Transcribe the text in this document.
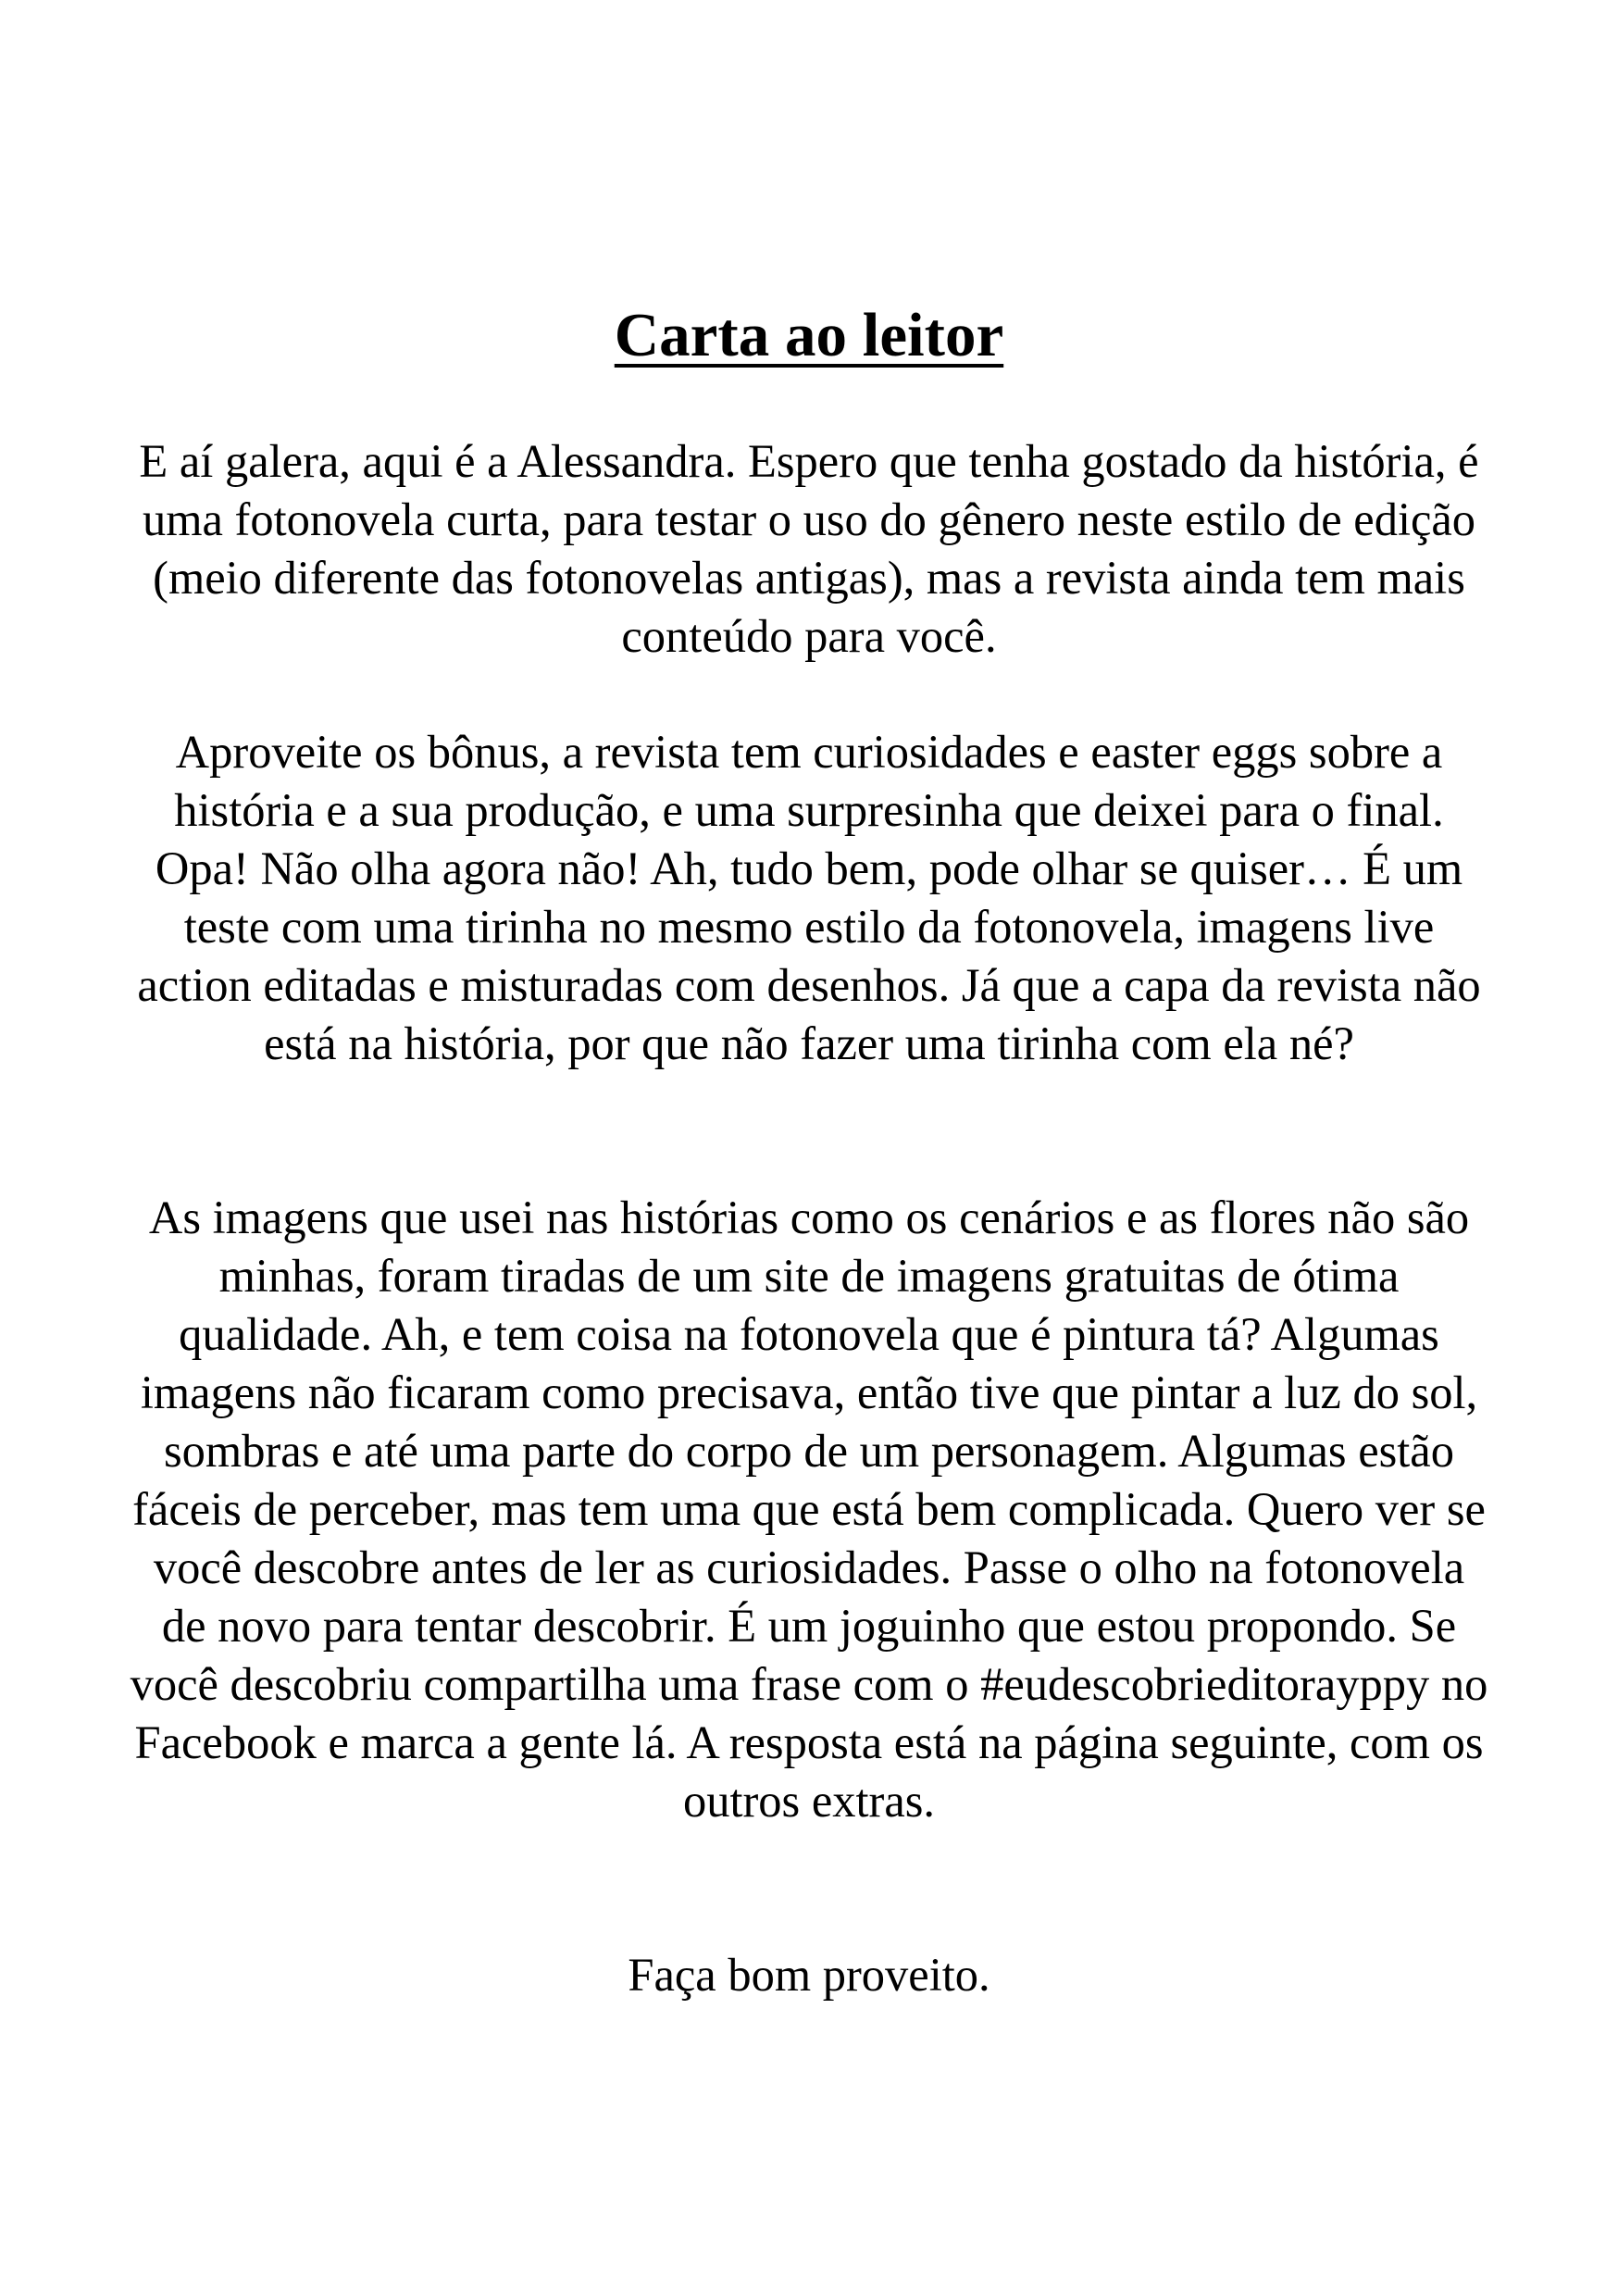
Carta ao leitor

E aí galera, aqui é a Alessandra. Espero que tenha gostado da história, é uma fotonovela curta, para testar o uso do gênero neste estilo de edição (meio diferente das fotonovelas antigas), mas a revista ainda tem mais conteúdo para você.

Aproveite os bônus, a revista tem curiosidades e easter eggs sobre a história e a sua produção, e uma surpresinha que deixei para o final. Opa! Não olha agora não! Ah, tudo bem, pode olhar se quiser… É um teste com uma tirinha no mesmo estilo da fotonovela, imagens live action editadas e misturadas com desenhos. Já que a capa da revista não está na história, por que não fazer uma tirinha com ela né?

As imagens que usei nas histórias como os cenários e as flores não são minhas, foram tiradas de um site de imagens gratuitas de ótima qualidade. Ah, e tem coisa na fotonovela que é pintura tá? Algumas imagens não ficaram como precisava, então tive que pintar a luz do sol, sombras e até uma parte do corpo de um personagem. Algumas estão fáceis de perceber, mas tem uma que está bem complicada. Quero ver se você descobre antes de ler as curiosidades. Passe o olho na fotonovela de novo para tentar descobrir. É um joguinho que estou propondo. Se você descobriu compartilha uma frase com o #eudescobrieditorayppy no Facebook e marca a gente lá. A resposta está na página seguinte, com os outros extras.

Faça bom proveito.
